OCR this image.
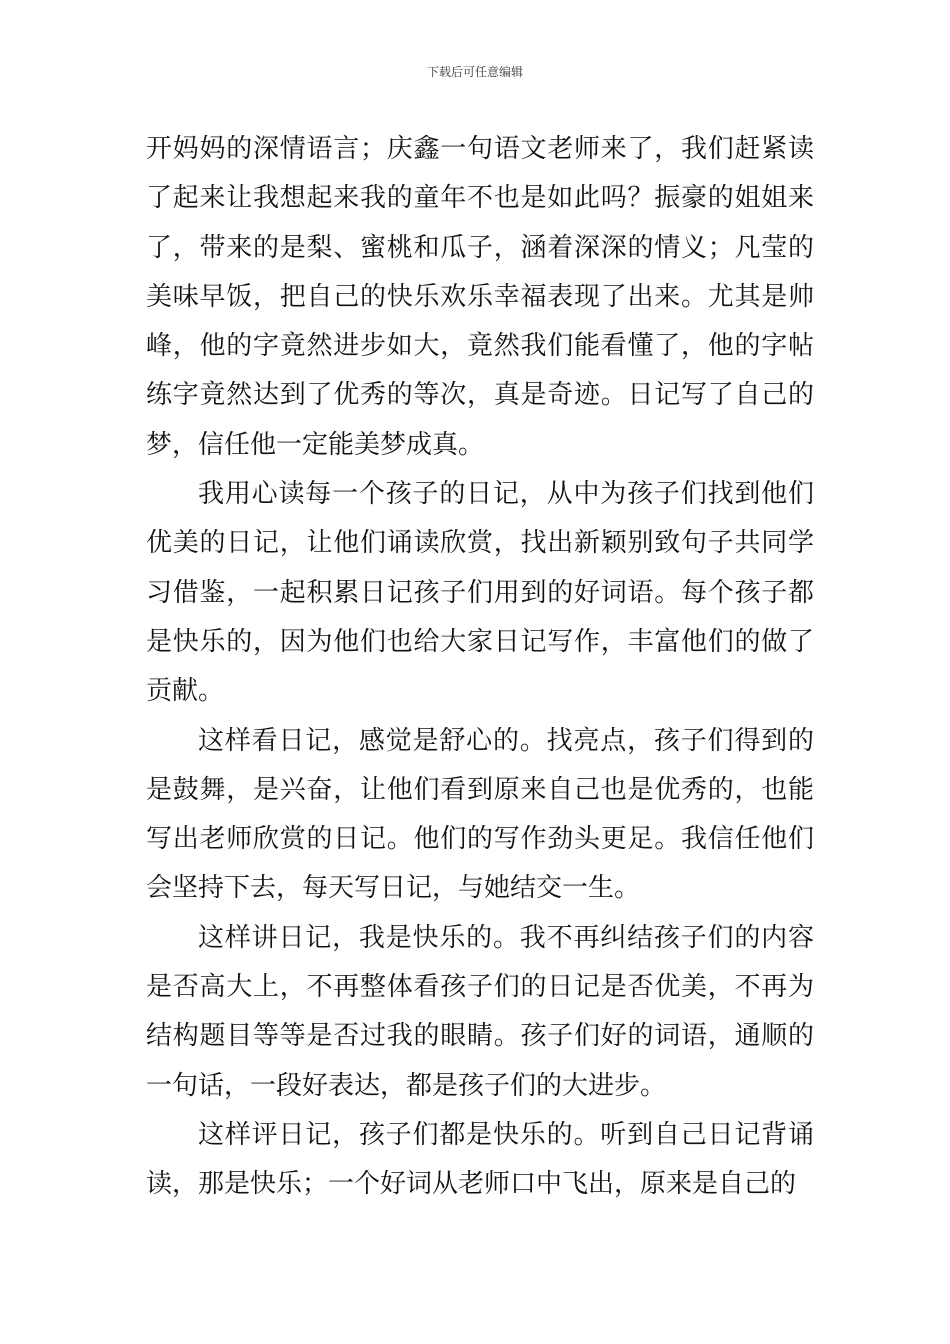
下载后可任意编辑

开妈妈的深情语言；庆鑫一句语文老师来了，我们赶紧读了起来让我想起来我的童年不也是如此吗？振豪的姐姐来了，带来的是梨、蜜桃和瓜子，涵着深深的情义；凡莹的美味早饭，把自己的快乐欢乐幸福表现了出来。尤其是帅峰，他的字竟然进步如大，竟然我们能看懂了，他的字帖练字竟然达到了优秀的等次，真是奇迹。日记写了自己的梦，信任他一定能美梦成真。

我用心读每一个孩子的日记，从中为孩子们找到他们优美的日记，让他们诵读欣赏，找出新颖别致句子共同学习借鉴，一起积累日记孩子们用到的好词语。每个孩子都是快乐的，因为他们也给大家日记写作，丰富他们的做了贡献。

这样看日记，感觉是舒心的。找亮点，孩子们得到的是鼓舞，是兴奋，让他们看到原来自己也是优秀的，也能写出老师欣赏的日记。他们的写作劲头更足。我信任他们会坚持下去，每天写日记，与她结交一生。

这样讲日记，我是快乐的。我不再纠结孩子们的内容是否高大上，不再整体看孩子们的日记是否优美，不再为结构题目等等是否过我的眼睛。孩子们好的词语，通顺的一句话，一段好表达，都是孩子们的大进步。

这样评日记，孩子们都是快乐的。听到自己日记背诵读，那是快乐；一个好词从老师口中飞出，原来是自己的
